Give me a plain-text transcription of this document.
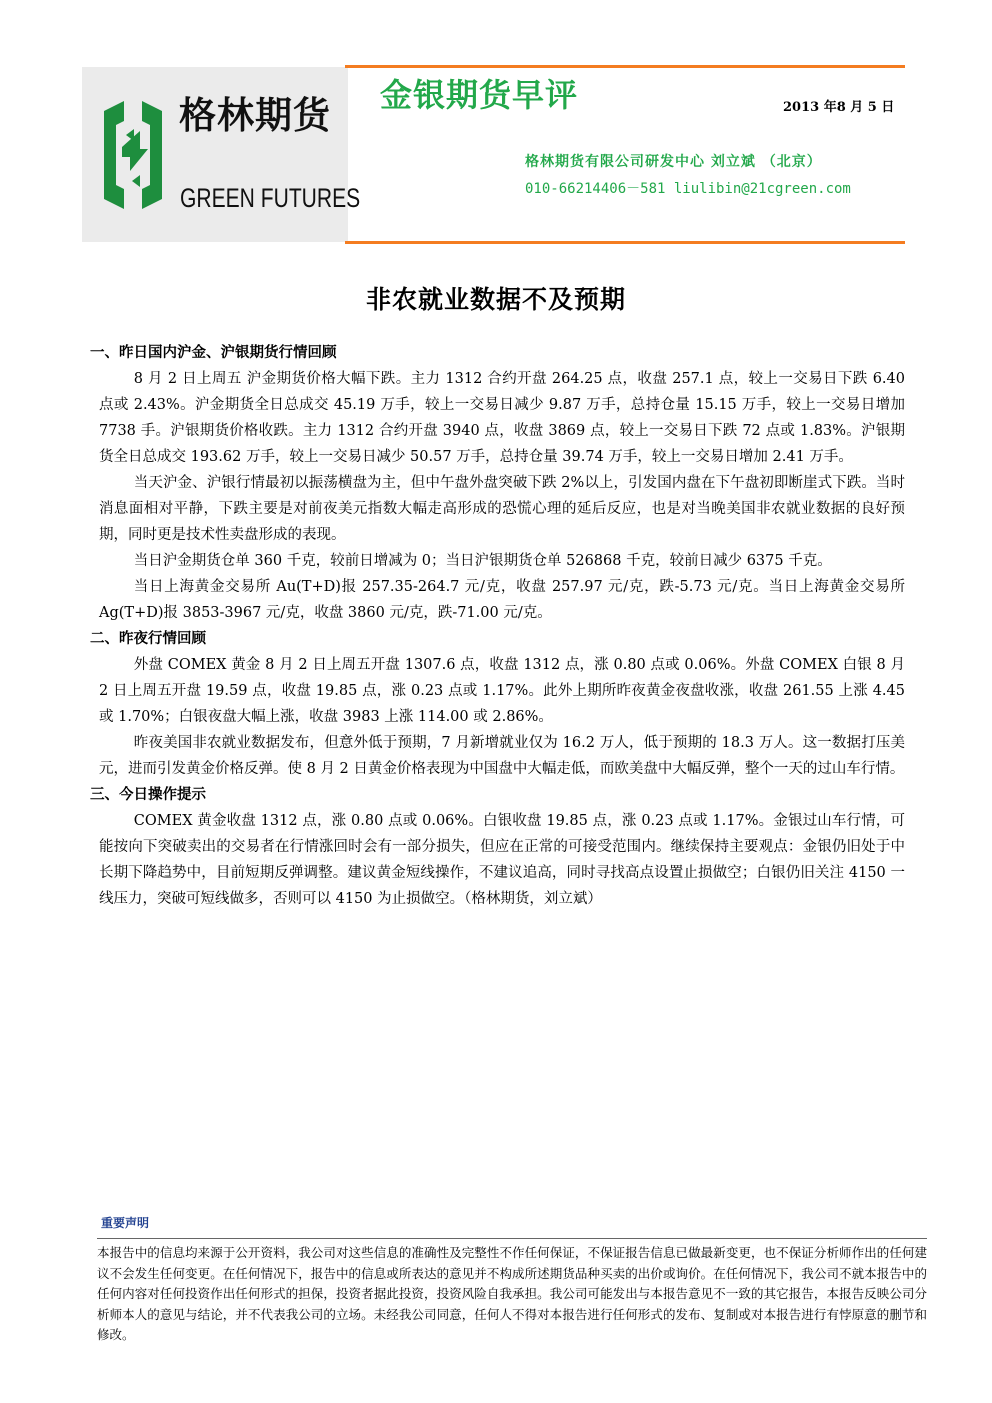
格林期货
GREEN FUTURES
金银期货早评	2013 年8 月 5 日
格林期货有限公司研发中心 刘立斌 （北京）
010-66214406－581 liulibin@21cgreen.com
非农就业数据不及预期

一、昨日国内沪金、沪银期货行情回顾

8 月 2 日上周五 沪金期货价格大幅下跌。主力 1312 合约开盘 264.25 点，收盘 257.1 点，较上一交易日下跌 6.40 点或 2.43%。沪金期货全日总成交 45.19 万手，较上一交易日减少 9.87 万手，总持仓量 15.15 万手，较上一交易日增加 7738 手。沪银期货价格收跌。主力 1312 合约开盘 3940 点，收盘 3869 点，较上一交易日下跌 72 点或 1.83%。沪银期货全日总成交 193.62 万手，较上一交易日减少 50.57 万手，总持仓量 39.74 万手，较上一交易日增加 2.41 万手。

当天沪金、沪银行情最初以振荡横盘为主，但中午盘外盘突破下跌 2%以上，引发国内盘在下午盘初即断崖式下跌。当时消息面相对平静，下跌主要是对前夜美元指数大幅走高形成的恐慌心理的延后反应，也是对当晚美国非农就业数据的良好预期，同时更是技术性卖盘形成的表现。

当日沪金期货仓单 360 千克，较前日增减为 0；当日沪银期货仓单 526868 千克，较前日减少 6375 千克。

当日上海黄金交易所 Au(T+D)报 257.35-264.7 元/克，收盘 257.97 元/克，跌-5.73 元/克。当日上海黄金交易所 Ag(T+D)报 3853-3967 元/克，收盘 3860 元/克，跌-71.00 元/克。

二、昨夜行情回顾

外盘 COMEX 黄金 8 月 2 日上周五开盘 1307.6 点，收盘 1312 点，涨 0.80 点或 0.06%。外盘 COMEX 白银 8 月 2 日上周五开盘 19.59 点，收盘 19.85 点，涨 0.23 点或 1.17%。此外上期所昨夜黄金夜盘收涨，收盘 261.55 上涨 4.45 或 1.70%；白银夜盘大幅上涨，收盘 3983 上涨 114.00 或 2.86%。

昨夜美国非农就业数据发布，但意外低于预期，7 月新增就业仅为 16.2 万人，低于预期的 18.3 万人。这一数据打压美元，进而引发黄金价格反弹。使 8 月 2 日黄金价格表现为中国盘中大幅走低，而欧美盘中大幅反弹，整个一天的过山车行情。

三、今日操作提示

COMEX 黄金收盘 1312 点，涨 0.80 点或 0.06%。白银收盘 19.85 点，涨 0.23 点或 1.17%。金银过山车行情，可能按向下突破卖出的交易者在行情涨回时会有一部分损失，但应在正常的可接受范围内。继续保持主要观点：金银仍旧处于中长期下降趋势中，目前短期反弹调整。建议黄金短线操作，不建议追高，同时寻找高点设置止损做空；白银仍旧关注 4150 一线压力，突破可短线做多，否则可以 4150 为止损做空。（格林期货，刘立斌）

重要声明

本报告中的信息均来源于公开资料，我公司对这些信息的准确性及完整性不作任何保证，不保证报告信息已做最新变更，也不保证分析师作出的任何建议不会发生任何变更。在任何情况下，报告中的信息或所表达的意见并不构成所述期货品种买卖的出价或询价。在任何情况下，我公司不就本报告中的任何内容对任何投资作出任何形式的担保，投资者据此投资，投资风险自我承担。我公司可能发出与本报告意见不一致的其它报告，本报告反映公司分析师本人的意见与结论，并不代表我公司的立场。未经我公司同意，任何人不得对本报告进行任何形式的发布、复制或对本报告进行有悖原意的删节和修改。
